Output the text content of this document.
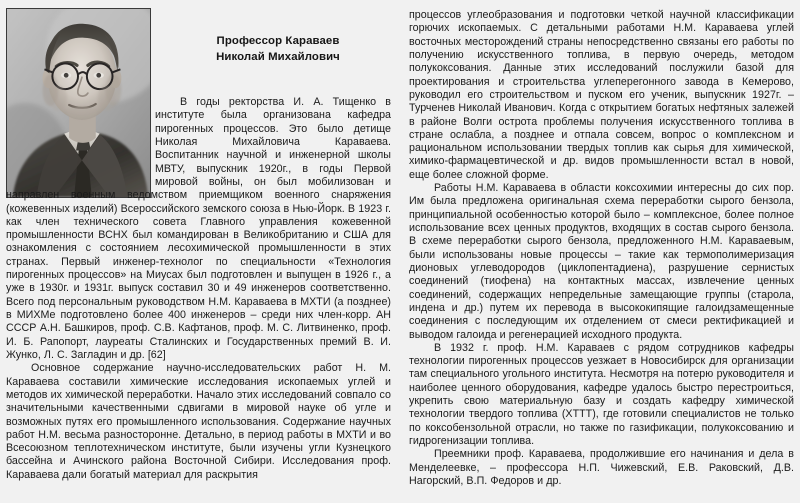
Профессор Караваев
Николай Михайлович

В годы ректорства И. А. Тищенко в институте была организована кафедра пирогенных процессов. Это было детище Николая Михайловича Караваева. Воспитанник научной и инженерной школы МВТУ, выпускник 1920г., в годы Первой мировой войны, он был мобилизован и направлен военным ведомством приемщиком военного снаряжения (кожевенных изделий) Всероссийского земского союза в Нью-Йорк. В 1923 г. как член технического совета Главного управления кожевенной промышленности ВСНХ был командирован в Великобританию и США для ознакомления с состоянием лесохимической промышленности в этих странах. Первый инженер-технолог по специальности «Технология пирогенных процессов» на Миусах был подготовлен и выпущен в 1926 г., а уже в 1930г. и 1931г. выпуск составил 30 и 49 инженеров соответственно. Всего под персональным руководством Н.М. Караваева в МХТИ (а позднее) в МИХМе подготовлено более 400 инженеров – среди них член-корр. АН СССР А.Н. Башкиров, проф. С.В. Кафтанов, проф. М. С. Литвиненко, проф. И. Б. Рапопорт, лауреаты Сталинских и Государственных премий В. И. Жунко, Л. С. Загладин и др. [62]

Основное содержание научно-исследовательских работ Н. М. Караваева составили химические исследования ископаемых углей и методов их химической переработки. Начало этих исследований совпало со значительными качественными сдвигами в мировой науке об угле и возможных путях его промышленного использования. Содержание научных работ Н.М. весьма разносторонне. Детально, в период работы в МХТИ и во Всесоюзном теплотехническом институте, были изучены угли Кузнецкого бассейна и Ачинского района Восточной Сибири. Исследования проф. Караваева дали богатый материал для раскрытия

процессов углеобразования и подготовки четкой научной классификации горючих ископаемых. С детальными работами Н.М. Караваева углей восточных месторождений страны непосредственно связаны его работы по получению искусственного топлива, в первую очередь, методом полукоксования. Данные этих исследований послужили базой для проектирования и строительства углеперегонного завода в Кемерово, руководил его строительством и пуском его ученик, выпускник 1927г. – Турченев Николай Иванович. Когда с открытием богатых нефтяных залежей в районе Волги острота проблемы получения искусственного топлива в стране ослабла, а позднее и отпала совсем, вопрос о комплексном и рациональном использовании твердых топлив как сырья для химической, химико-фармацевтической и др. видов промышленности встал в новой, еще более сложной форме.

Работы Н.М. Караваева в области коксохимии интересны до сих пор. Им была предложена оригинальная схема переработки сырого бензола, принципиальной особенностью которой было – комплексное, более полное использование всех ценных продуктов, входящих в состав сырого бензола. В схеме переработки сырого бензола, предложенного Н.М. Караваевым, были использованы новые процессы – такие как термополимеризация дионовых углеводородов (циклопентадиена), разрушение сернистых соединений (тиофена) на контактных массах, извлечение ценных соединений, содержащих непредельные замещающие группы (старола, индена и др.) путем их перевода в высококипящие галоидзамещенные соединения с последующим их отделением от смеси ректификацией и выводом галоида и регенерацией исходного продукта.

В 1932 г. проф. Н.М. Караваев с рядом сотрудников кафедры технологии пирогенных процессов уезжает в Новосибирск для организации там специального угольного института. Несмотря на потерю руководителя и наиболее ценного оборудования, кафедре удалось быстро перестроиться, укрепить свою материальную базу и создать кафедру химической технологии твердого топлива (ХТТТ), где готовили специалистов не только по коксобензольной отрасли, но также по газификации, полукоксованию и гидрогенизации топлива.

Преемники проф. Караваева, продолжившие его начинания и дела в Менделеевке, – профессора Н.П. Чижевский, Е.В. Раковский, Д.В. Нагорский, В.П. Федоров и др.
